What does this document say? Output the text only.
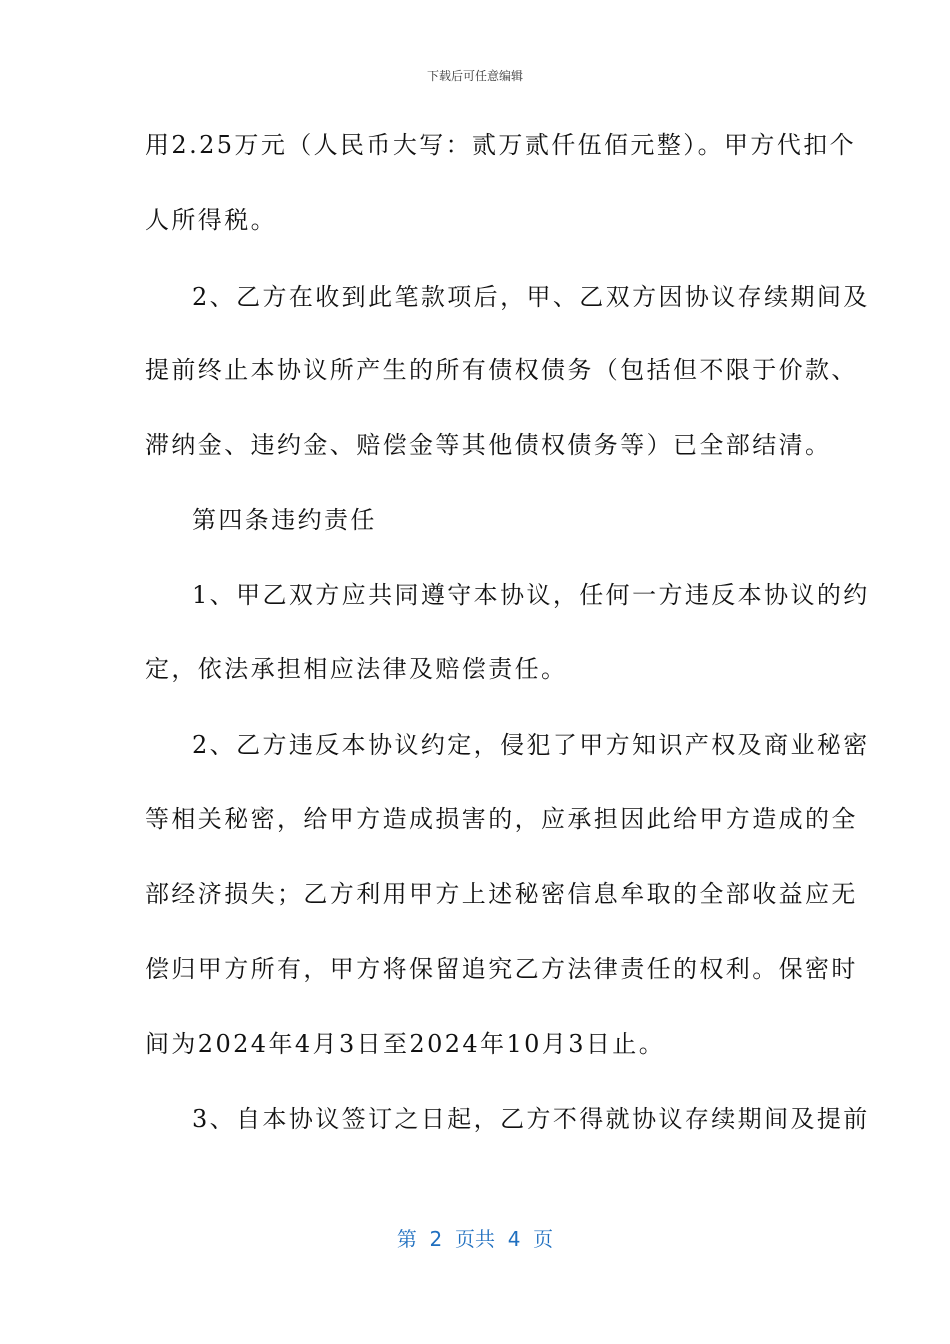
下载后可任意编辑
用2.25万元（人民币大写：贰万贰仟伍佰元整）。甲方代扣个
人所得税。
2、乙方在收到此笔款项后，甲、乙双方因协议存续期间及
提前终止本协议所产生的所有债权债务（包括但不限于价款、
滞纳金、违约金、赔偿金等其他债权债务等）已全部结清。
第四条违约责任
1、甲乙双方应共同遵守本协议，任何一方违反本协议的约
定，依法承担相应法律及赔偿责任。
2、乙方违反本协议约定，侵犯了甲方知识产权及商业秘密
等相关秘密，给甲方造成损害的，应承担因此给甲方造成的全
部经济损失；乙方利用甲方上述秘密信息牟取的全部收益应无
偿归甲方所有，甲方将保留追究乙方法律责任的权利。保密时
间为2024年4月3日至2024年10月3日止。
3、自本协议签订之日起，乙方不得就协议存续期间及提前
第  2  页共  4  页
